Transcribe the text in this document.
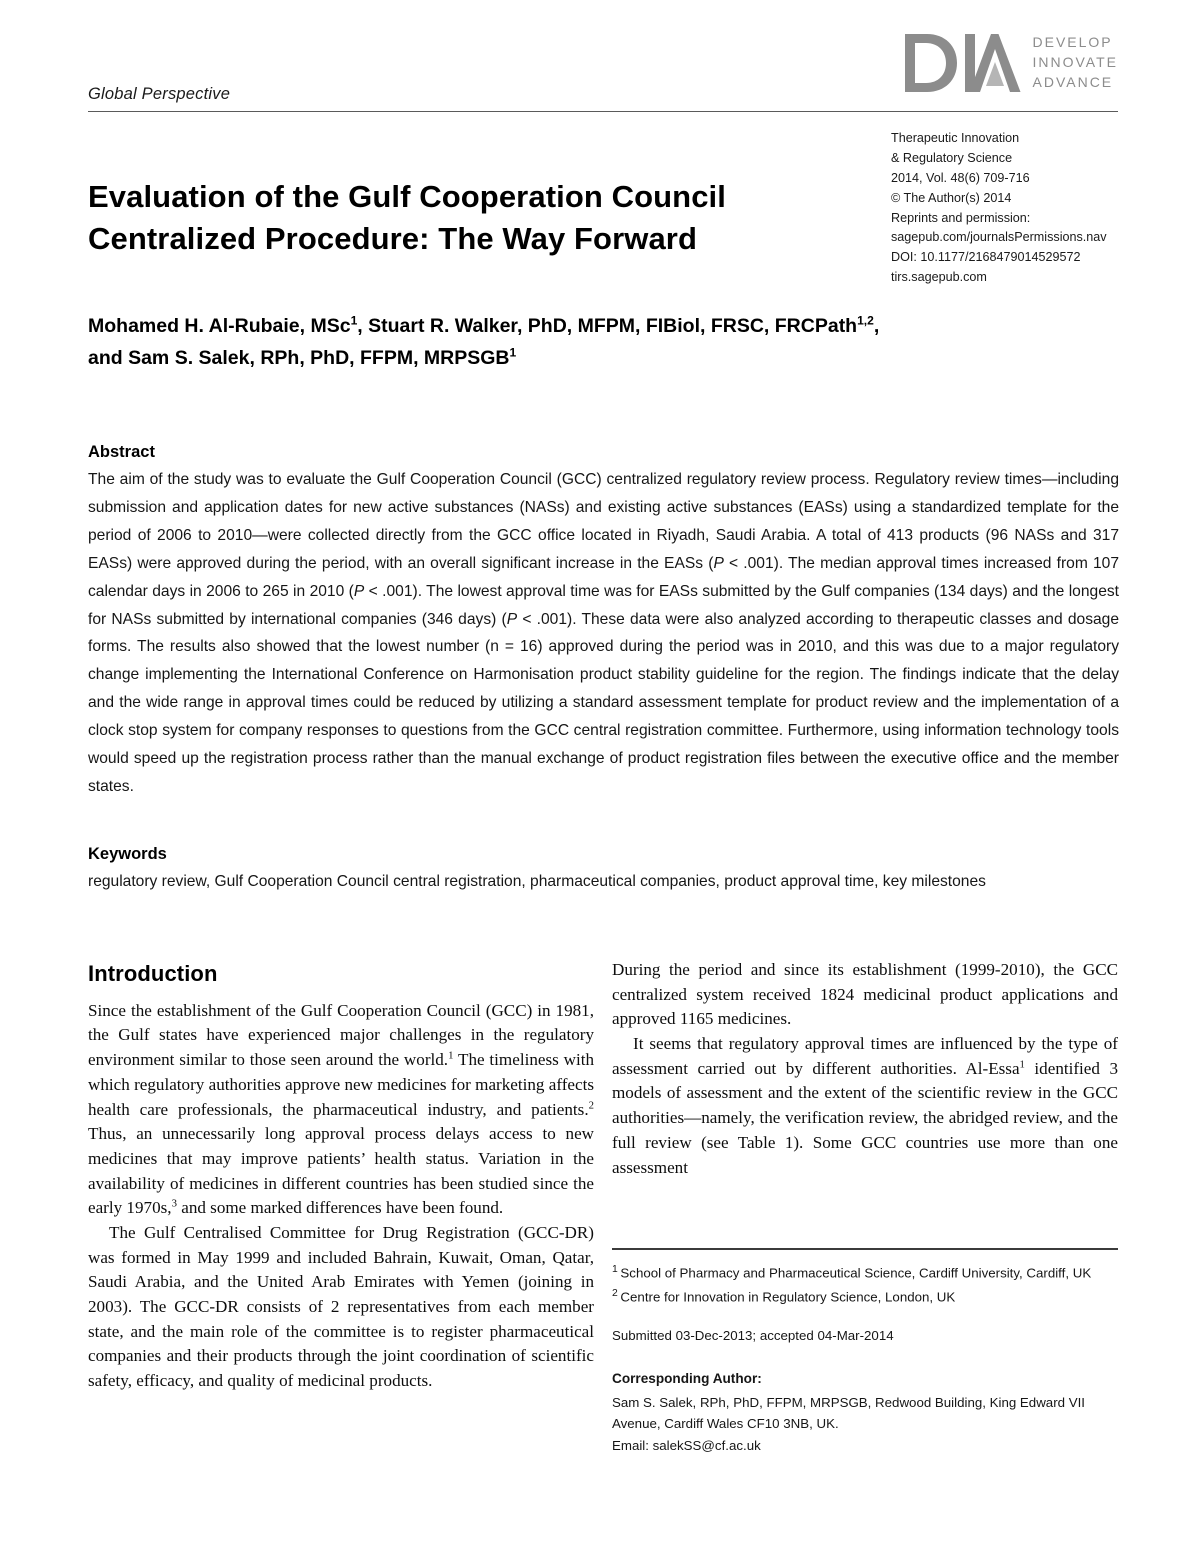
Global Perspective
DEVELOP
INNOVATE
ADVANCE
Evaluation of the Gulf Cooperation Council
Centralized Procedure: The Way Forward
Therapeutic Innovation
& Regulatory Science
2014, Vol. 48(6) 709-716
© The Author(s) 2014
Reprints and permission:
sagepub.com/journalsPermissions.nav
DOI: 10.1177/2168479014529572
tirs.sagepub.com
Mohamed H. Al-Rubaie, MSc$^1$, Stuart R. Walker, PhD, MFPM, FIBiol, FRSC, FRCPath$^{1,2}$, and Sam S. Salek, RPh, PhD, FFPM, MRPSGB$^1$
Abstract
The aim of the study was to evaluate the Gulf Cooperation Council (GCC) centralized regulatory review process. Regulatory review times—including submission and application dates for new active substances (NASs) and existing active substances (EASs) using a standardized template for the period of 2006 to 2010—were collected directly from the GCC office located in Riyadh, Saudi Arabia. A total of 413 products (96 NASs and 317 EASs) were approved during the period, with an overall significant increase in the EASs (P < .001). The median approval times increased from 107 calendar days in 2006 to 265 in 2010 (P < .001). The lowest approval time was for EASs submitted by the Gulf companies (134 days) and the longest for NASs submitted by international companies (346 days) (P < .001). These data were also analyzed according to therapeutic classes and dosage forms. The results also showed that the lowest number (n = 16) approved during the period was in 2010, and this was due to a major regulatory change implementing the International Conference on Harmonisation product stability guideline for the region. The findings indicate that the delay and the wide range in approval times could be reduced by utilizing a standard assessment template for product review and the implementation of a clock stop system for company responses to questions from the GCC central registration committee. Furthermore, using information technology tools would speed up the registration process rather than the manual exchange of product registration files between the executive office and the member states.
Keywords
regulatory review, Gulf Cooperation Council central registration, pharmaceutical companies, product approval time, key milestones
Introduction

Since the establishment of the Gulf Cooperation Council (GCC) in 1981, the Gulf states have experienced major challenges in the regulatory environment similar to those seen around the world.$^1$ The timeliness with which regulatory authorities approve new medicines for marketing affects health care professionals, the pharmaceutical industry, and patients.$^2$ Thus, an unnecessarily long approval process delays access to new medicines that may improve patients’ health status. Variation in the availability of medicines in different countries has been studied since the early 1970s,$^3$ and some marked differences have been found.

The Gulf Centralised Committee for Drug Registration (GCC-DR) was formed in May 1999 and included Bahrain, Kuwait, Oman, Qatar, Saudi Arabia, and the United Arab Emirates with Yemen (joining in 2003). The GCC-DR consists of 2 representatives from each member state, and the main role of the committee is to register pharmaceutical companies and their products through the joint coordination of scientific safety, efficacy, and quality of medicinal products.

During the period and since its establishment (1999-2010), the GCC centralized system received 1824 medicinal product applications and approved 1165 medicines.

It seems that regulatory approval times are influenced by the type of assessment carried out by different authorities. Al-Essa$^1$ identified 3 models of assessment and the extent of the scientific review in the GCC authorities—namely, the verification review, the abridged review, and the full review (see Table 1). Some GCC countries use more than one assessment

$^1$ School of Pharmacy and Pharmaceutical Science, Cardiff University, Cardiff, UK
$^2$ Centre for Innovation in Regulatory Science, London, UK
Submitted 03-Dec-2013; accepted 04-Mar-2014
Corresponding Author:
Sam S. Salek, RPh, PhD, FFPM, MRPSGB, Redwood Building, King Edward VII Avenue, Cardiff Wales CF10 3NB, UK.
Email: salekSS@cf.ac.uk
